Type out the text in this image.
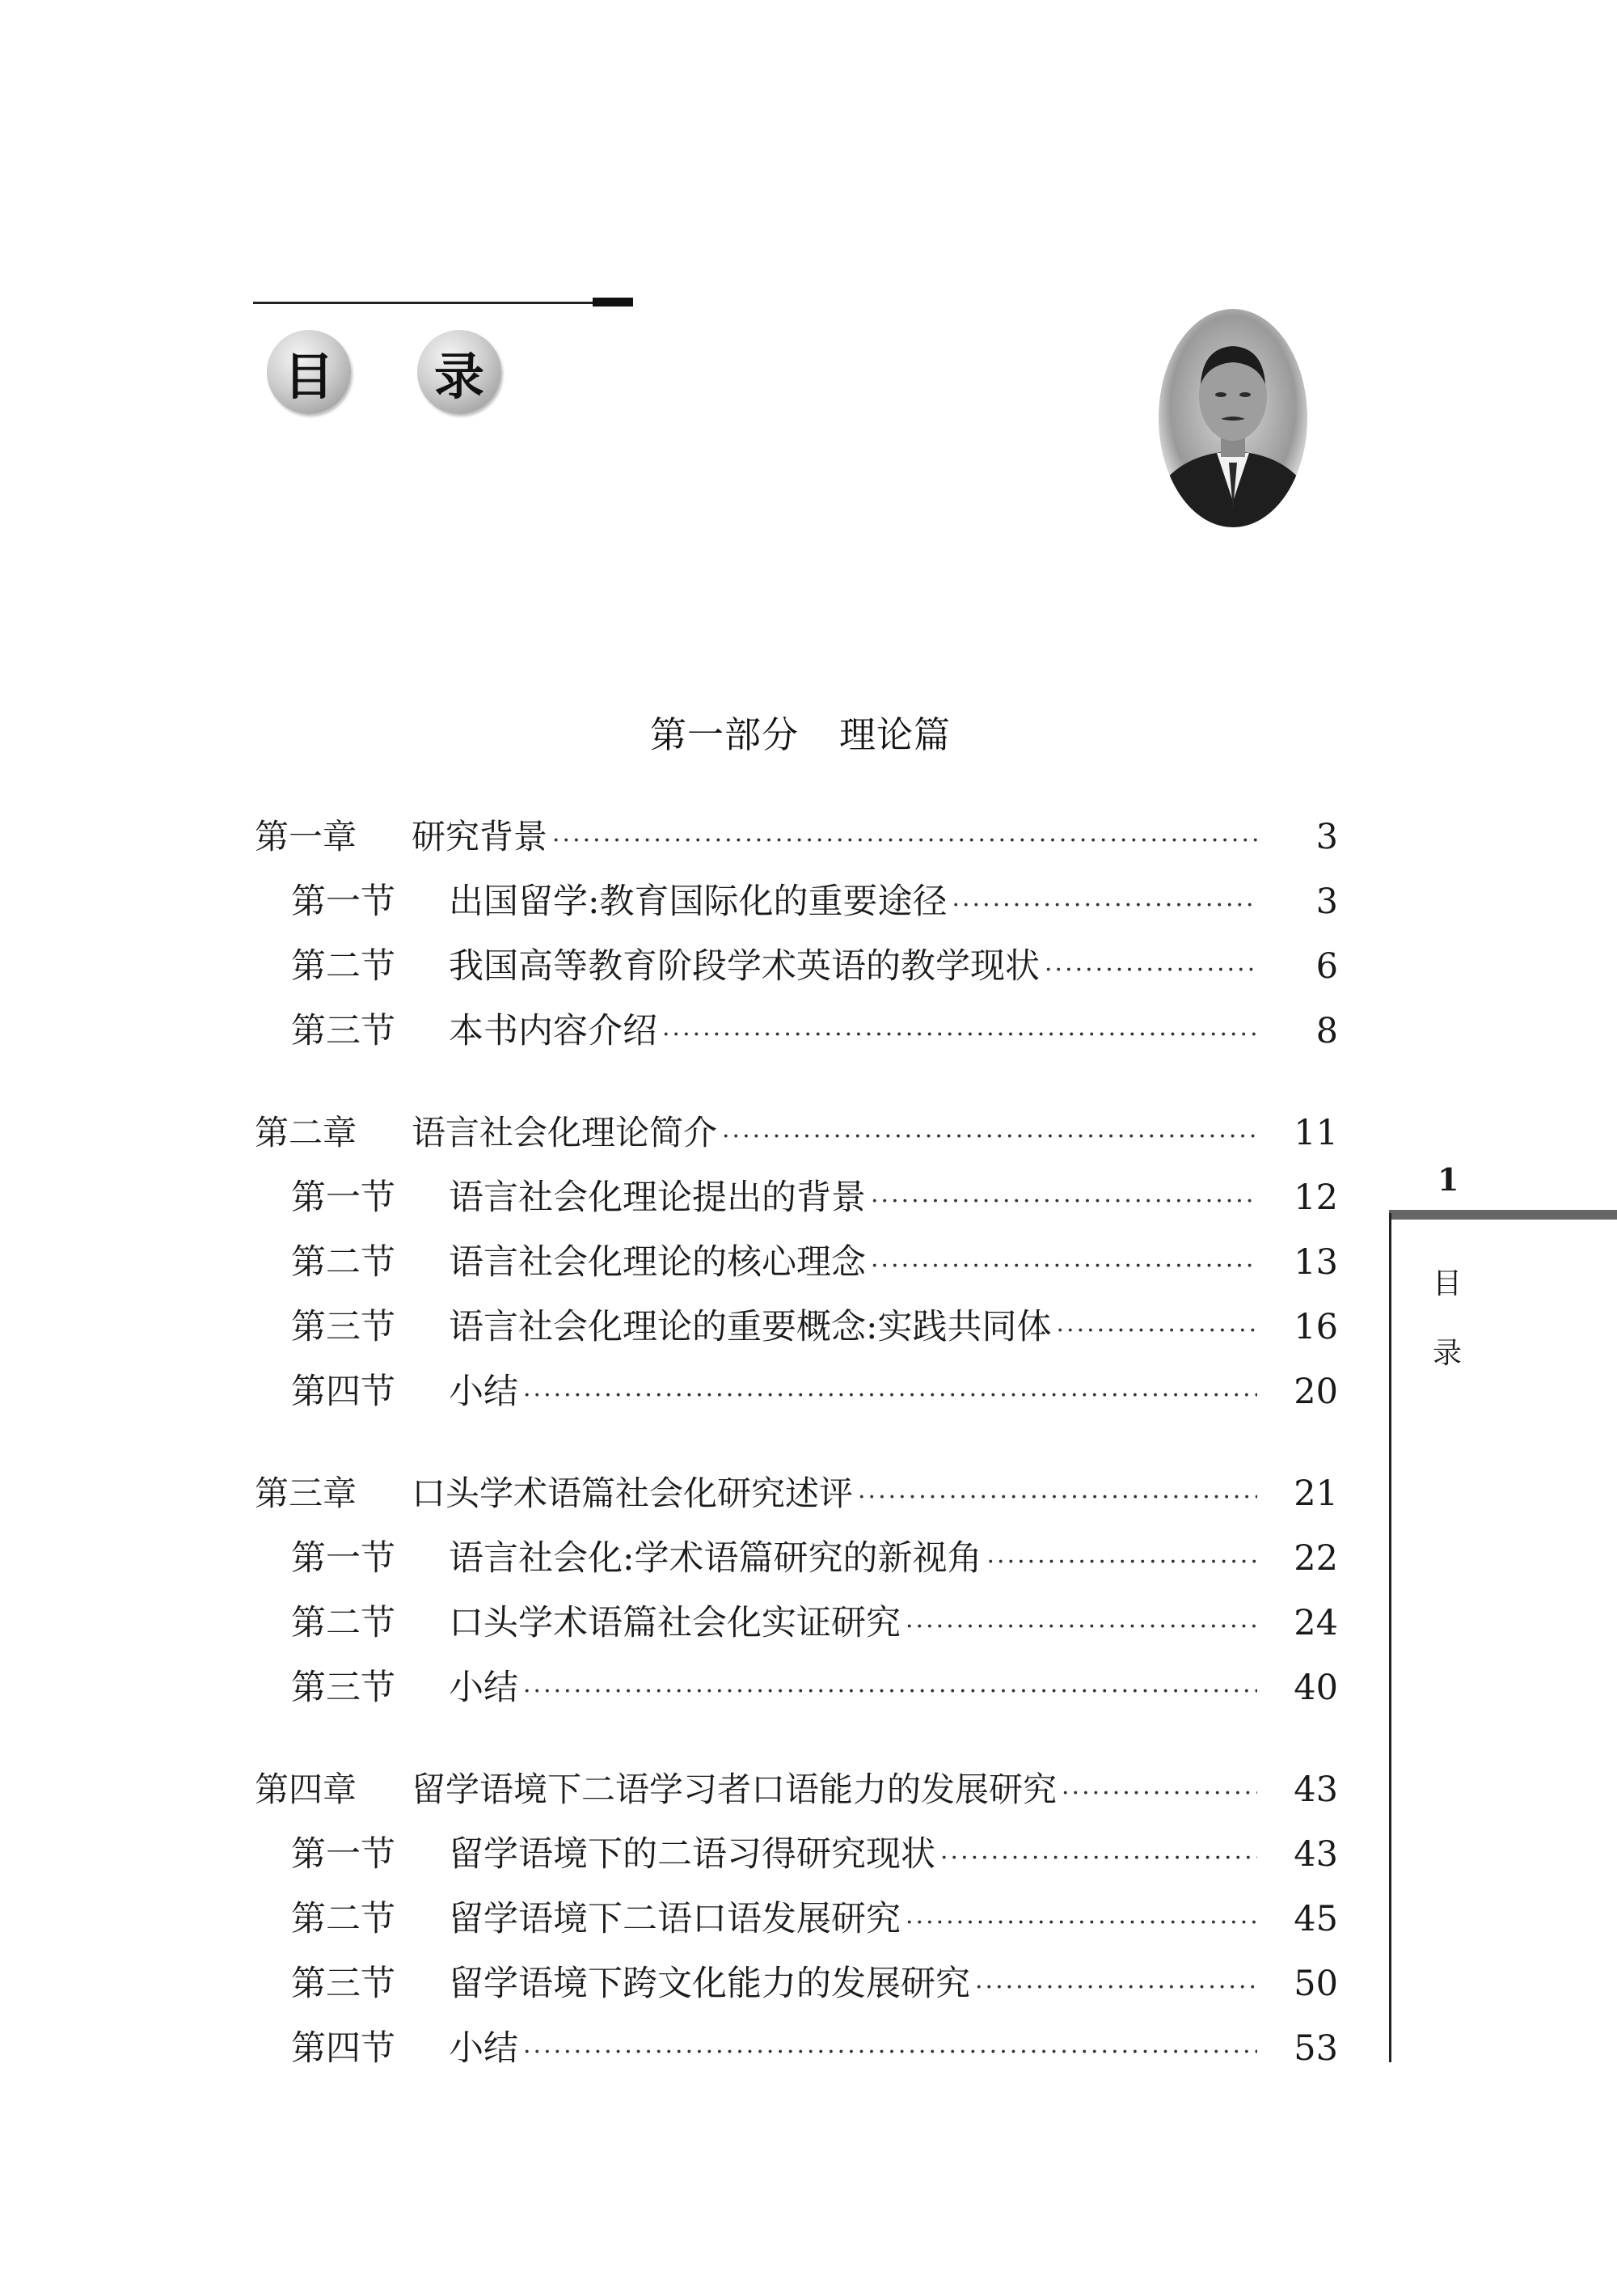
目	录
第一部分 理论篇
第一章	研究背景 ·····	3
第一节	出国留学:教育国际化的重要途径 ·····	3
第二节	我国高等教育阶段学术英语的教学现状 ·····	6
第三节	本书内容介绍 ·····	8
第二章	语言社会化理论简介 ·····	11
第一节	语言社会化理论提出的背景 ·····	12
第二节	语言社会化理论的核心理念 ·····	13
第三节	语言社会化理论的重要概念:实践共同体 ·····	16
第四节	小结 ·····	20
第三章	口头学术语篇社会化研究述评 ·····	21
第一节	语言社会化:学术语篇研究的新视角 ·····	22
第二节	口头学术语篇社会化实证研究 ·····	24
第三节	小结 ·····	40
第四章	留学语境下二语学习者口语能力的发展研究 ·····	43
第一节	留学语境下的二语习得研究现状 ·····	43
第二节	留学语境下二语口语发展研究 ·····	45
第三节	留学语境下跨文化能力的发展研究 ·····	50
第四节	小结 ·····	53
1
目
录
